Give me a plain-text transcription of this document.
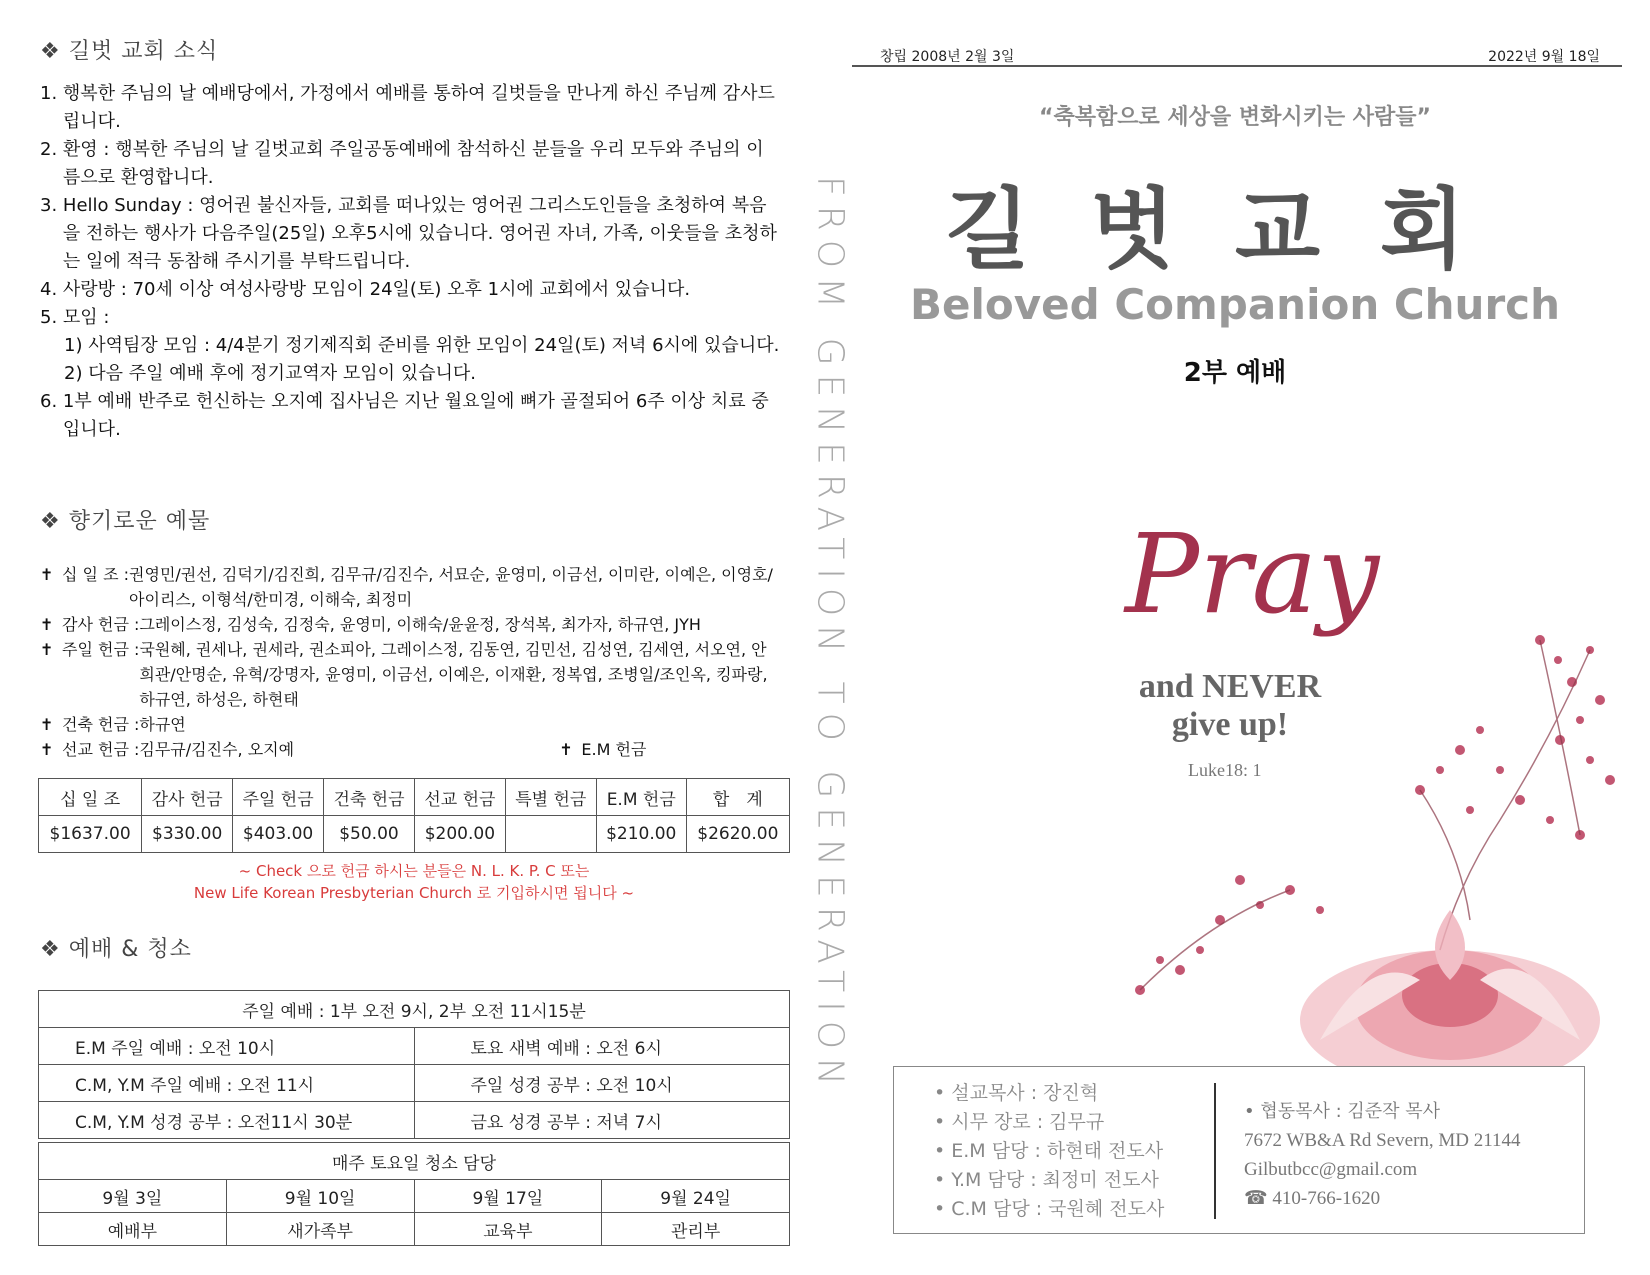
❖ 길벗 교회 소식
1. 행복한 주님의 날 예배당에서, 가정에서 예배를 통하여 길벗들을 만나게 하신 주님께 감사드립니다.
2. 환영 : 행복한 주님의 날 길벗교회 주일공동예배에 참석하신 분들을 우리 모두와 주님의 이름으로 환영합니다.
3. Hello Sunday : 영어권 불신자들, 교회를 떠나있는 영어권 그리스도인들을 초청하여 복음을 전하는 행사가 다음주일(25일) 오후5시에 있습니다. 영어권 자녀, 가족, 이웃들을 초청하는 일에 적극 동참해 주시기를 부탁드립니다.
4. 사랑방 : 70세 이상 여성사랑방 모임이 24일(토) 오후 1시에 교회에서 있습니다.
5. 모임 :
1) 사역팀장 모임 : 4/4분기 정기제직회 준비를 위한 모임이 24일(토) 저녁 6시에 있습니다.
2) 다음 주일 예배 후에 정기교역자 모임이 있습니다.
6. 1부 예배 반주로 헌신하는 오지예 집사님은 지난 월요일에 뼈가 골절되어 6주 이상 치료 중입니다.
❖ 향기로운 예물
✝ 십 일 조 : 권영민/권선, 김덕기/김진희, 김무규/김진수, 서묘순, 윤영미, 이금선, 이미란, 이예은, 이영호/아이리스, 이형석/한미경, 이해숙, 최정미
✝ 감사 헌금 : 그레이스정, 김성숙, 김정숙, 윤영미, 이해숙/윤윤정, 장석복, 최가자, 하규연, JYH
✝ 주일 헌금 : 국원혜, 권세나, 권세라, 권소피아, 그레이스정, 김동연, 김민선, 김성연, 김세연, 서오연, 안희관/안명순, 유혁/강명자, 윤영미, 이금선, 이예은, 이재환, 정복엽, 조병일/조인옥, 킹파랑, 하규연, 하성은, 하현태
✝ 건축 헌금 : 하규연
✝ 선교 헌금 : 김무규/김진수, 오지예	✝ E.M 헌금
십 일 조	감사 헌금	주일 헌금	건축 헌금	선교 헌금	특별 헌금	E.M 헌금	합　계
$1637.00	$330.00	$403.00	$50.00	$200.00		$210.00	$2620.00
~ Check 으로 헌금 하시는 분들은 N. L. K. P. C 또는
New Life Korean Presbyterian Church 로 기입하시면 됩니다 ~
❖ 예배 & 청소
주일 예배 : 1부 오전 9시, 2부 오전 11시15분	
E.M 주일 예배 : 오전 10시	토요 새벽 예배 : 오전 6시
C.M, Y.M 주일 예배 : 오전 11시	주일 성경 공부 : 오전 10시
C.M, Y.M 성경 공부 : 오전11시 30분	금요 성경 공부 : 저녁 7시
매주 토요일 청소 담당			
9월 3일	9월 10일	9월 17일	9월 24일
예배부	새가족부	교육부	관리부
FROM GENERATION TO GENERATION
창립 2008년 2월 3일	2022년 9월 18일
“축복함으로 세상을 변화시키는 사람들”
길벗교회
Beloved Companion Church
2부 예배
Pray
and NEVER
give up!
Luke18: 1
• 설교목사 : 장진혁
• 시무 장로 : 김무규
• E.M 담당 : 하현태 전도사
• Y.M 담당 : 최정미 전도사
• C.M 담당 : 국원혜 전도사
• 협동목사 : 김준작 목사
7672 WB&A Rd Severn, MD 21144
Gilbutbcc@gmail.com
☎ 410-766-1620
